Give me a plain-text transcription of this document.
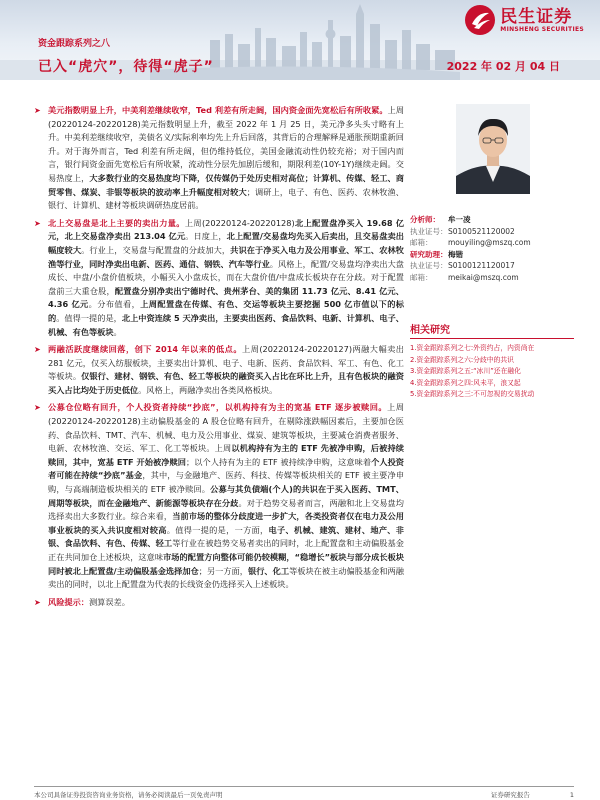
资金跟踪系列之八
已入“虎穴”，待得“虎子”	2022 年 02 月 04 日
民生证券
MINSHENG SECURITIES
➤ 美元指数明显上升，中美利差继续收窄，Ted 利差有所走阔，国内资金面先宽松后有所收紧。上周(20220124-20220128)美元指数明显上升，截至 2022 年 1 月 25 日，美元净多头头寸略有上升。中美利差继续收窄，美债名义/实际利率均先上升后回落，其背后的合理解释是通胀预期重新回升。对于海外而言，Ted 利差有所走阔，但仍维持低位，美国金融流动性仍较充裕；对于国内而言，银行间资金面先宽松后有所收紧，流动性分层先加剧后缓和，期限利差(10Y-1Y)继续走阔。交易热度上，大多数行业的交易热度均下降，仅传媒仍于处历史相对高位；计算机、传媒、轻工、商贸零售、煤炭、非银等板块的波动率上升幅度相对较大；调研上，电子、有色、医药、农林牧渔、银行、计算机、建材等板块调研热度居前。
➤ 北上交易盘是北上主要的卖出力量。上周(20220124-20220128)北上配置盘净买入 19.68 亿元，北上交易盘净卖出 213.04 亿元。日度上，北上配置/交易盘均先买入后卖出，且交易盘卖出幅度较大。行业上，交易盘与配置盘的分歧加大，共识在于净买入电力及公用事业、军工、农林牧渔等行业，同时净卖出电新、医药、通信、钢铁、汽车等行业。风格上，配置/交易盘均净卖出大盘成长、中盘/小盘价值板块，小幅买入小盘成长，而在大盘价值/中盘成长板块存在分歧。对于配置盘前三大重仓股，配置盘分别净卖出宁德时代、贵州茅台、美的集团 11.73 亿元、8.41 亿元、4.36 亿元。分布值看，上周配置盘在传媒、有色、交运等板块主要挖掘 500 亿市值以下的标的。值得一提的是，北上中资连续 5 天净卖出，主要卖出医药、食品饮料、电新、计算机、电子、机械、有色等板块。
➤ 两融活跃度继续回落，创下 2014 年以来的低点。上周(20220124-20220127)两融大幅卖出 281 亿元，仅买入纺服板块，主要卖出计算机、电子、电新、医药、食品饮料、军工、有色、化工等板块。仅银行、建材、钢铁、有色、轻工等板块的融资买入占比在环比上升，且有色板块的融资买入占比均处于历史低位。风格上，两融净卖出各类风格板块。
➤ 公募仓位略有回升，个人投资者持续“抄底”，以机构持有为主的宽基 ETF 逐步被赎回。上周(20220124-20220128)主动偏股基金的 A 股仓位略有回升，在剔除涨跌幅因素后，主要加仓医药、食品饮料、TMT、汽车、机械、电力及公用事业、煤炭、建筑等板块，主要减仓消费者服务、电新、农林牧渔、交运、军工、化工等板块。上周以机构持有为主的 ETF 先被净申购，后被持续赎回，其中，宽基 ETF 开始被净赎回；以个人持有为主的 ETF 被持续净申购，这意味着个人投资者可能在持续“抄底”基金，其中，与金融地产、医药、科技、传媒等板块相关的 ETF 被主要净申购，与高端制造板块相关的 ETF 被净赎回。公募与其负债端(个人)的共识在于买入医药、TMT、周期等板块，而在金融地产、新能源等板块存在分歧。对于趋势交易者而言，两融和北上交易盘均选择卖出大多数行业。综合来看，当前市场的整体分歧度进一步扩大，各类投资者仅在电力及公用事业板块的买入共识度相对较高。值得一提的是，一方面，电子、机械、建筑、建材、地产、非银、食品饮料、有色、传媒、轻工等行业在被趋势交易者卖出的同时，北上配置盘和主动偏股基金正在共同加仓上述板块，这意味市场的配置方向整体可能仍较模糊，“稳增长”板块与部分成长板块同时被北上配置盘/主动偏股基金选择加仓；另一方面，银行、化工等板块在被主动偏股基金和两融卖出的同时，以北上配置盘为代表的长线资金仍选择买入上述板块。
➤ 风险提示：测算误差。
分析师：	牟一凌
执业证号： S0100521120002
邮箱：	mouyiling@mszq.com
研究助理： 梅锴
执业证号： S0100121120017
邮箱：	meikai@mszq.com
相关研究
1.资金跟踪系列之七:外资约占，内资尚在
2.资金跟踪系列之六:分歧中的共识
3.资金跟踪系列之五:“冰川”还在融化
4.资金跟踪系列之四:风未平，浪又起
5.资金跟踪系列之三:不可忽视的交易扰动
本公司具备证券投资咨询业务资格，请务必阅读最后一页免责声明	证券研究报告	1
